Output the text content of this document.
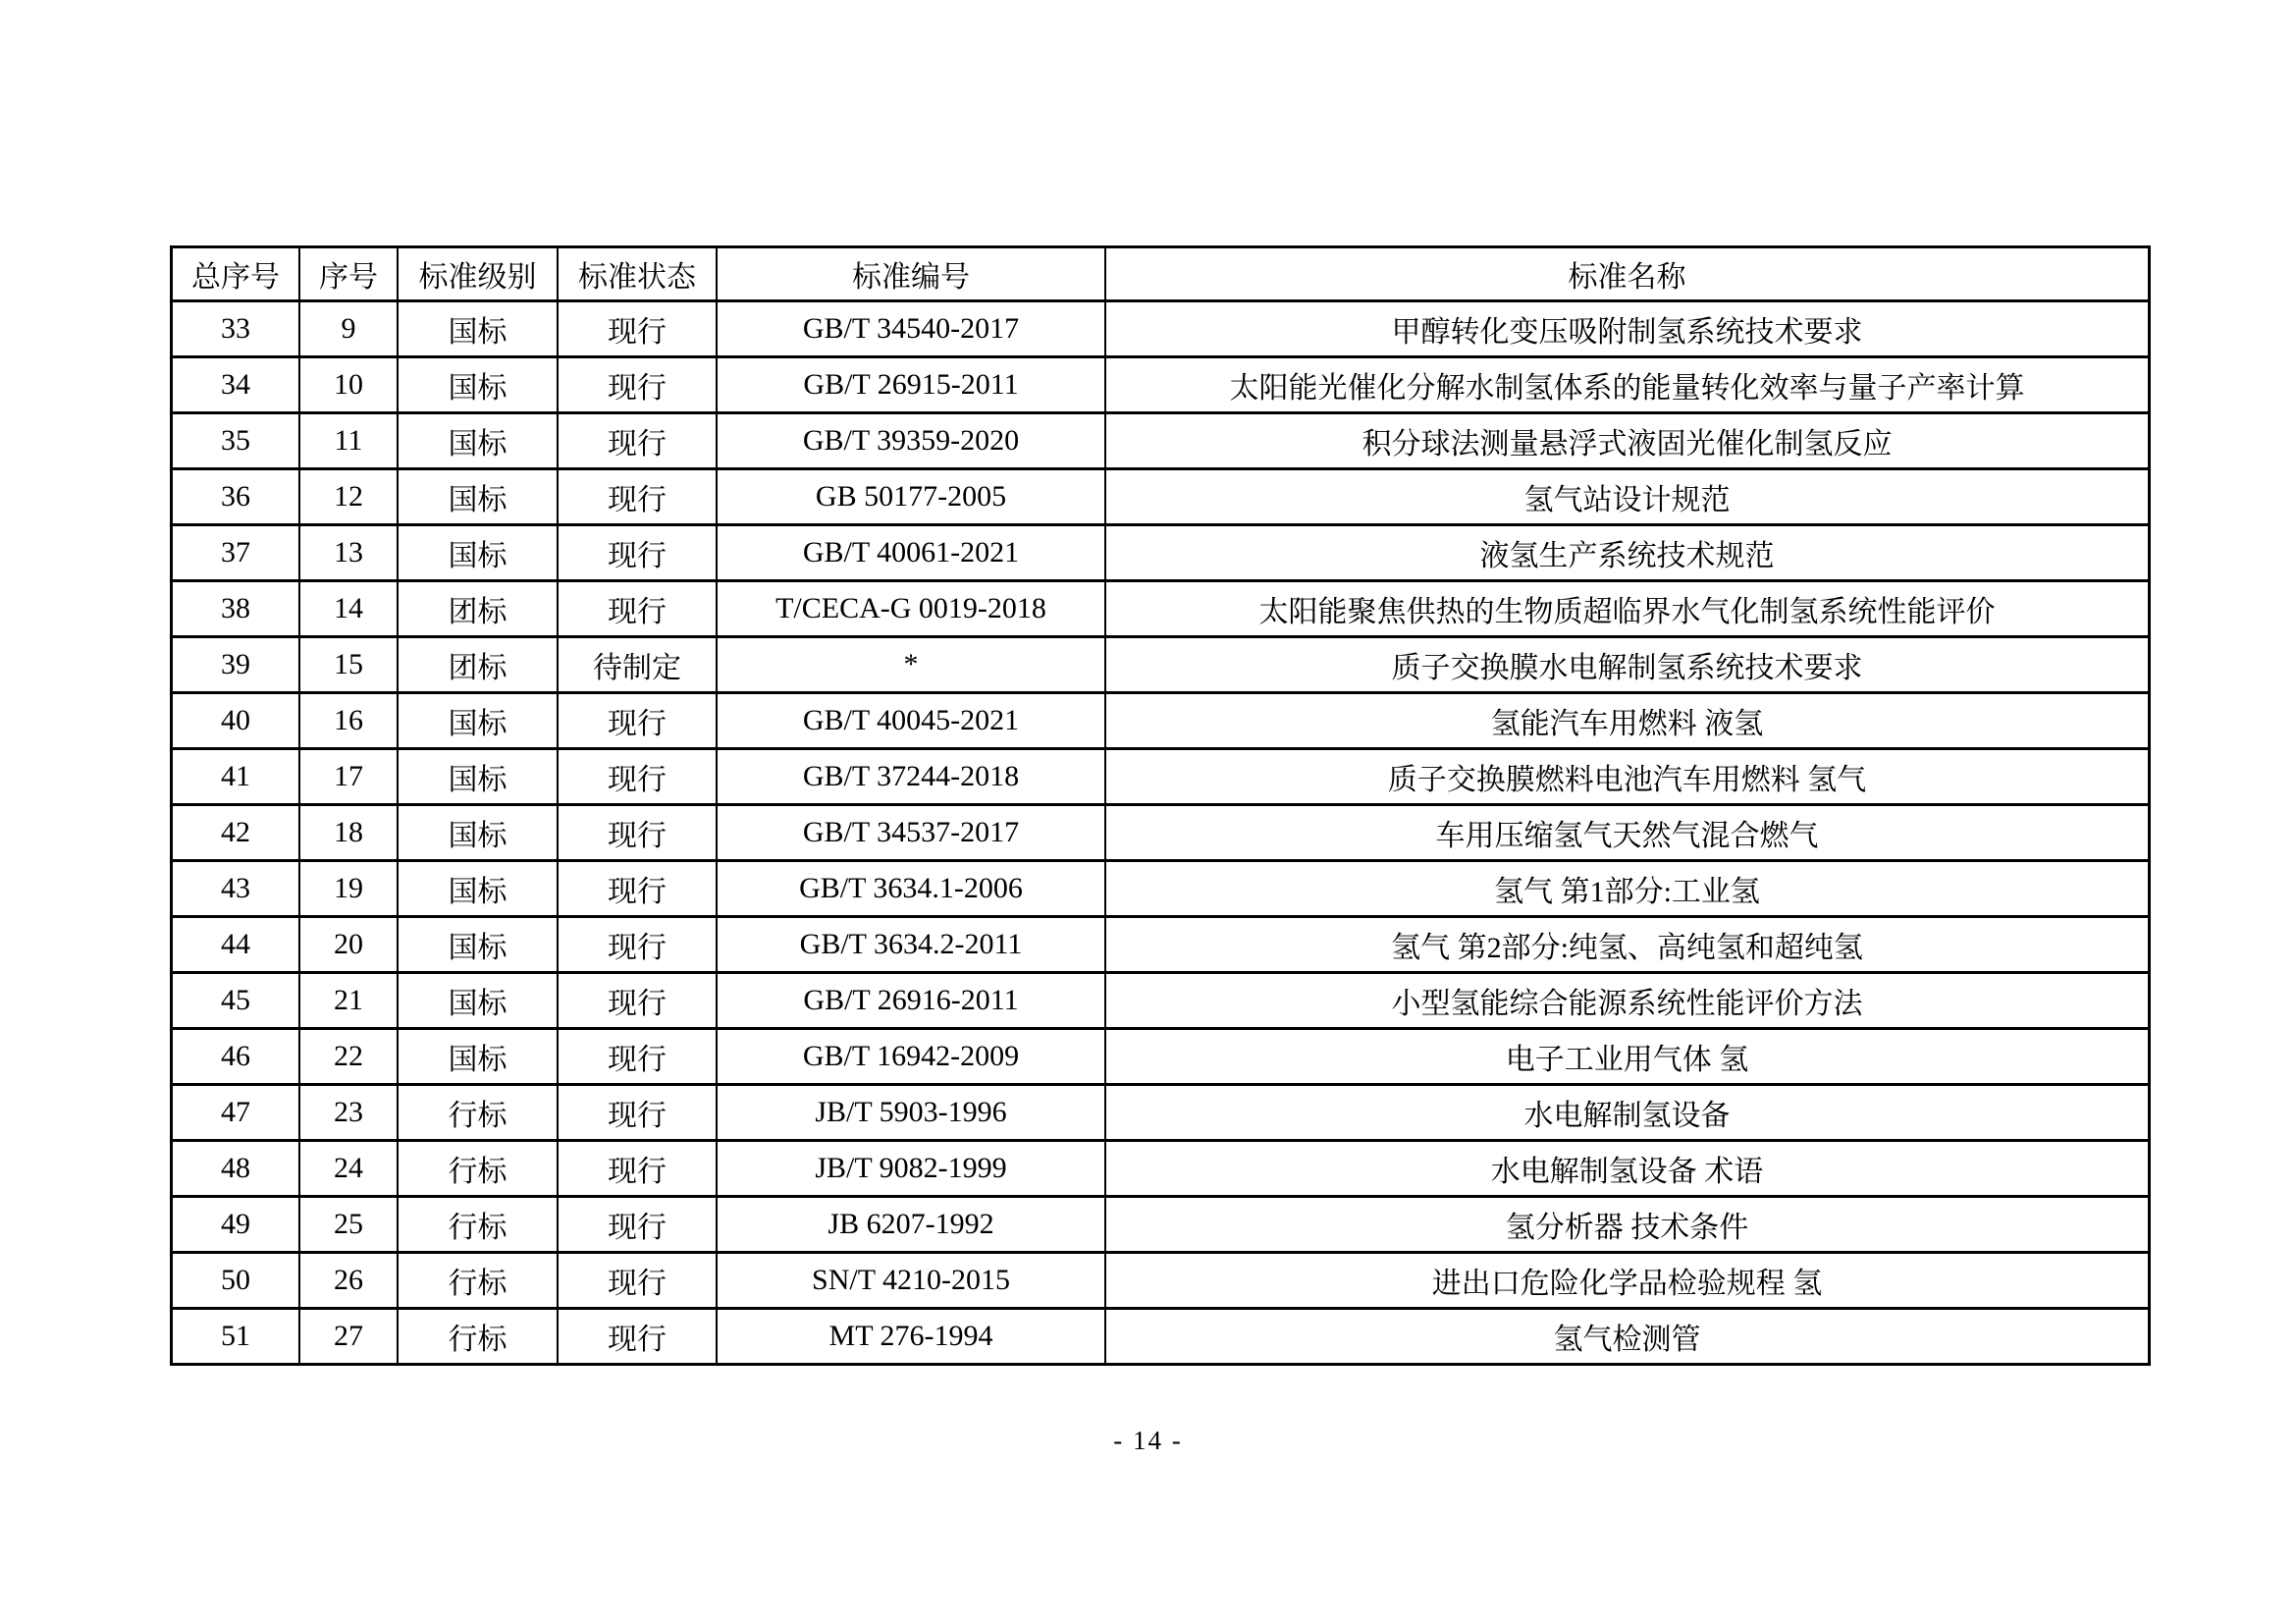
总序号	序号	标准级别	标准状态	标准编号	标准名称
33	9	国标	现行	GB/T 34540-2017	甲醇转化变压吸附制氢系统技术要求
34	10	国标	现行	GB/T 26915-2011	太阳能光催化分解水制氢体系的能量转化效率与量子产率计算
35	11	国标	现行	GB/T 39359-2020	积分球法测量悬浮式液固光催化制氢反应
36	12	国标	现行	GB 50177-2005	氢气站设计规范
37	13	国标	现行	GB/T 40061-2021	液氢生产系统技术规范
38	14	团标	现行	T/CECA-G 0019-2018	太阳能聚焦供热的生物质超临界水气化制氢系统性能评价
39	15	团标	待制定	*	质子交换膜水电解制氢系统技术要求
40	16	国标	现行	GB/T 40045-2021	氢能汽车用燃料 液氢
41	17	国标	现行	GB/T 37244-2018	质子交换膜燃料电池汽车用燃料 氢气
42	18	国标	现行	GB/T 34537-2017	车用压缩氢气天然气混合燃气
43	19	国标	现行	GB/T 3634.1-2006	氢气 第1部分:工业氢
44	20	国标	现行	GB/T 3634.2-2011	氢气 第2部分:纯氢、高纯氢和超纯氢
45	21	国标	现行	GB/T 26916-2011	小型氢能综合能源系统性能评价方法
46	22	国标	现行	GB/T 16942-2009	电子工业用气体 氢
47	23	行标	现行	JB/T 5903-1996	水电解制氢设备
48	24	行标	现行	JB/T 9082-1999	水电解制氢设备 术语
49	25	行标	现行	JB 6207-1992	氢分析器 技术条件
50	26	行标	现行	SN/T 4210-2015	进出口危险化学品检验规程 氢
51	27	行标	现行	MT 276-1994	氢气检测管
- 14 -
